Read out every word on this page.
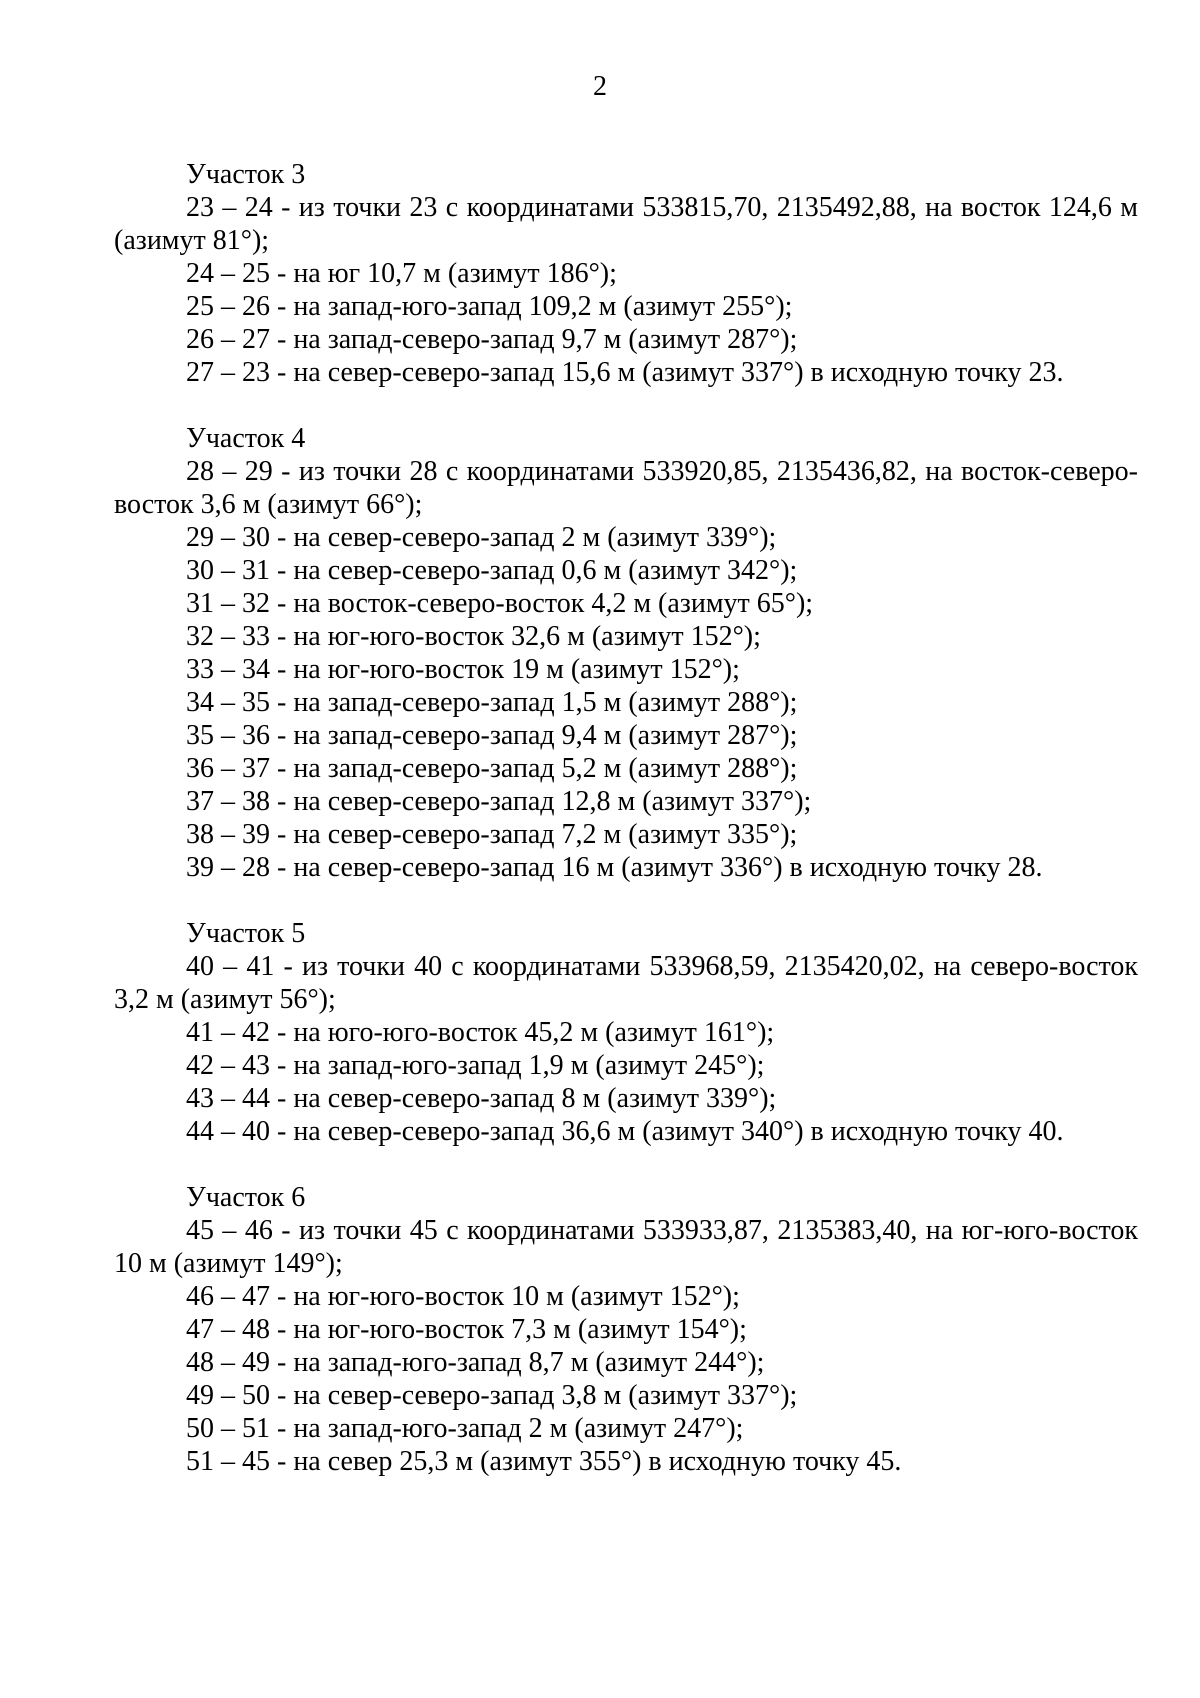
2
Участок 3
23 – 24 - из точки 23 с координатами 533815,70, 2135492,88, на восток 124,6 м (азимут 81°);
24 – 25 - на юг 10,7 м (азимут 186°);
25 – 26 - на запад-юго-запад 109,2 м (азимут 255°);
26 – 27 - на запад-северо-запад 9,7 м (азимут 287°);
27 – 23 - на север-северо-запад 15,6 м (азимут 337°) в исходную точку 23.
Участок 4
28 – 29 - из точки 28 с координатами 533920,85, 2135436,82, на восток-северо-восток 3,6 м (азимут 66°);
29 – 30 - на север-северо-запад 2 м (азимут 339°);
30 – 31 - на север-северо-запад 0,6 м (азимут 342°);
31 – 32 - на восток-северо-восток 4,2 м (азимут 65°);
32 – 33 - на юг-юго-восток 32,6 м (азимут 152°);
33 – 34 - на юг-юго-восток 19 м (азимут 152°);
34 – 35 - на запад-северо-запад 1,5 м (азимут 288°);
35 – 36 - на запад-северо-запад 9,4 м (азимут 287°);
36 – 37 - на запад-северо-запад 5,2 м (азимут 288°);
37 – 38 - на север-северо-запад 12,8 м (азимут 337°);
38 – 39 - на север-северо-запад 7,2 м (азимут 335°);
39 – 28 - на север-северо-запад 16 м (азимут 336°) в исходную точку 28.
Участок 5
40 – 41 - из точки 40 с координатами 533968,59, 2135420,02, на северо-восток 3,2 м (азимут 56°);
41 – 42 - на юго-юго-восток 45,2 м (азимут 161°);
42 – 43 - на запад-юго-запад 1,9 м (азимут 245°);
43 – 44 - на север-северо-запад 8 м (азимут 339°);
44 – 40 - на север-северо-запад 36,6 м (азимут 340°) в исходную точку 40.
Участок 6
45 – 46 - из точки 45 с координатами 533933,87, 2135383,40, на юг-юго-восток 10 м (азимут 149°);
46 – 47 - на юг-юго-восток 10 м (азимут 152°);
47 – 48 - на юг-юго-восток 7,3 м (азимут 154°);
48 – 49 - на запад-юго-запад 8,7 м (азимут 244°);
49 – 50 - на север-северо-запад 3,8 м (азимут 337°);
50 – 51 - на запад-юго-запад 2 м (азимут 247°);
51 – 45 - на север 25,3 м (азимут 355°) в исходную точку 45.
